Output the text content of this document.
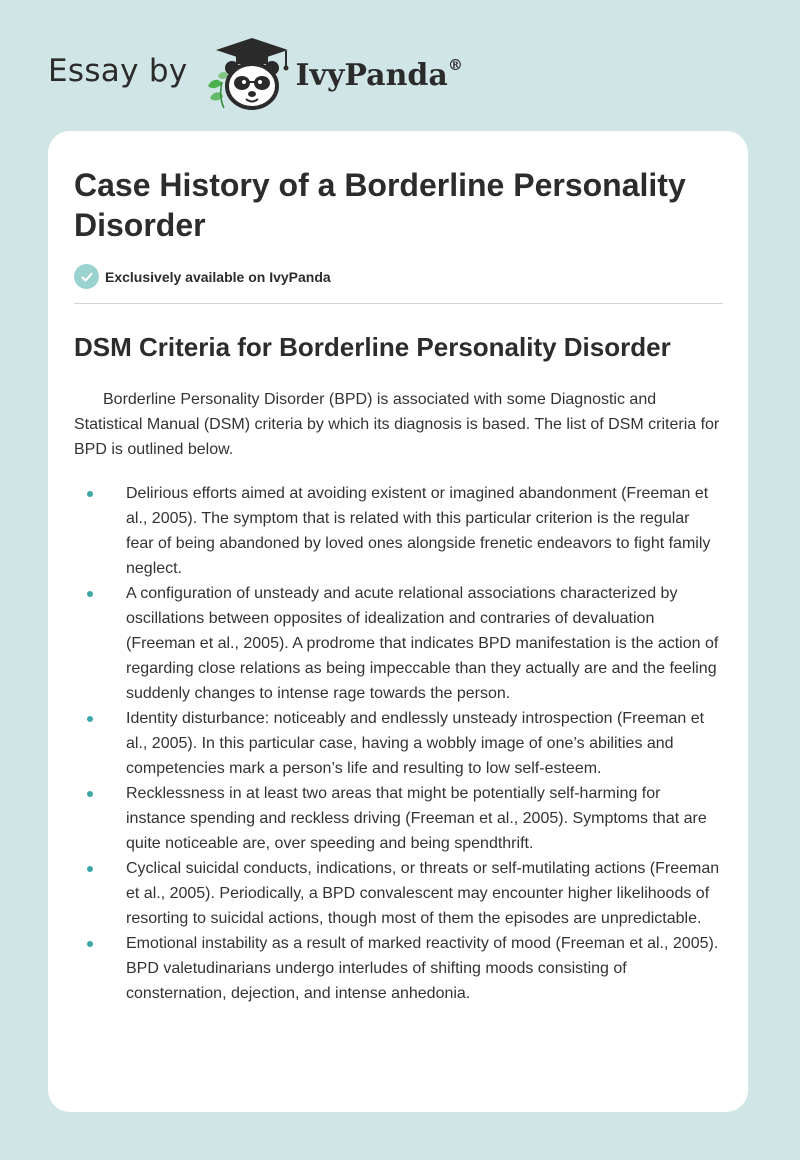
Essay by	IvyPanda®
Case History of a Borderline Personality Disorder
Exclusively available on IvyPanda
DSM Criteria for Borderline Personality Disorder

Borderline Personality Disorder (BPD) is associated with some Diagnostic and Statistical Manual (DSM) criteria by which its diagnosis is based. The list of DSM criteria for BPD is outlined below.

Delirious efforts aimed at avoiding existent or imagined abandonment (Freeman et al., 2005). The symptom that is related with this particular criterion is the regular fear of being abandoned by loved ones alongside frenetic endeavors to fight family neglect.
A configuration of unsteady and acute relational associations characterized by oscillations between opposites of idealization and contraries of devaluation (Freeman et al., 2005). A prodrome that indicates BPD manifestation is the action of regarding close relations as being impeccable than they actually are and the feeling suddenly changes to intense rage towards the person.
Identity disturbance: noticeably and endlessly unsteady introspection (Freeman et al., 2005). In this particular case, having a wobbly image of one’s abilities and competencies mark a person’s life and resulting to low self-esteem.
Recklessness in at least two areas that might be potentially self-harming for instance spending and reckless driving (Freeman et al., 2005). Symptoms that are quite noticeable are, over speeding and being spendthrift.
Cyclical suicidal conducts, indications, or threats or self-mutilating actions (Freeman et al., 2005). Periodically, a BPD convalescent may encounter higher likelihoods of resorting to suicidal actions, though most of them the episodes are unpredictable.
Emotional instability as a result of marked reactivity of mood (Freeman et al., 2005). BPD valetudinarians undergo interludes of shifting moods consisting of consternation, dejection, and intense anhedonia.
